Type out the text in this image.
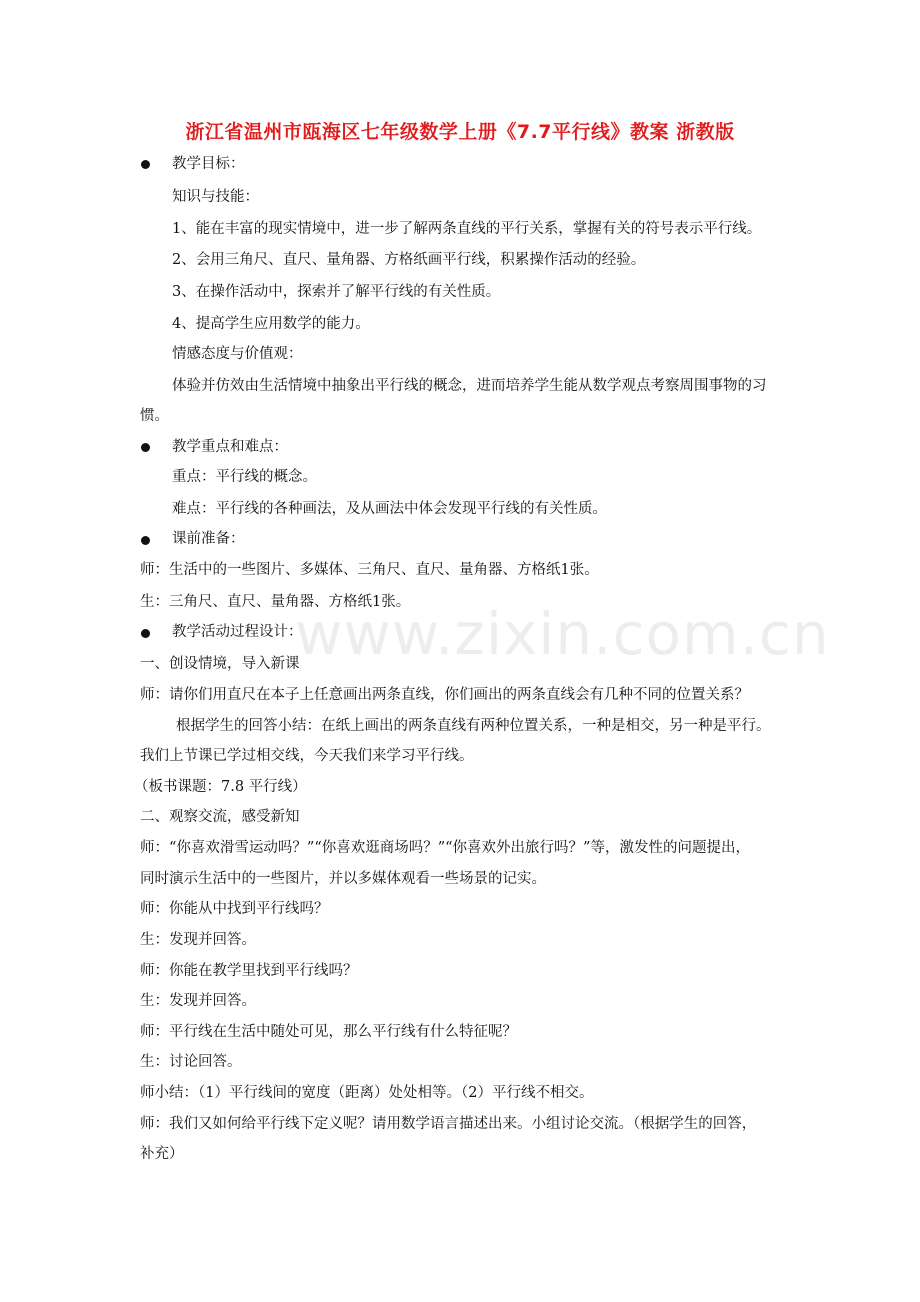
www.zixin.com.cn
浙江省温州市瓯海区七年级数学上册《7.7平行线》教案 浙教版
教学目标：
知识与技能：
1、能在丰富的现实情境中，进一步了解两条直线的平行关系，掌握有关的符号表示平行线。
2、会用三角尺、直尺、量角器、方格纸画平行线，积累操作活动的经验。
3、在操作活动中，探索并了解平行线的有关性质。
4、提高学生应用数学的能力。
情感态度与价值观：
体验并仿效由生活情境中抽象出平行线的概念，进而培养学生能从数学观点考察周围事物的习
惯。
教学重点和难点：
重点：平行线的概念。
难点：平行线的各种画法，及从画法中体会发现平行线的有关性质。
课前准备：
师：生活中的一些图片、多媒体、三角尺、直尺、量角器、方格纸1张。
生：三角尺、直尺、量角器、方格纸1张。
教学活动过程设计：
一、创设情境，导入新课
师：请你们用直尺在本子上任意画出两条直线，你们画出的两条直线会有几种不同的位置关系？
根据学生的回答小结：在纸上画出的两条直线有两种位置关系，一种是相交，另一种是平行。
我们上节课已学过相交线，今天我们来学习平行线。
（板书课题：7.8 平行线）
二、观察交流，感受新知
师：“你喜欢滑雪运动吗？”“你喜欢逛商场吗？”“你喜欢外出旅行吗？”等，激发性的问题提出，
同时演示生活中的一些图片，并以多媒体观看一些场景的记实。
师：你能从中找到平行线吗？
生：发现并回答。
师：你能在教学里找到平行线吗？
生：发现并回答。
师：平行线在生活中随处可见，那么平行线有什么特征呢？
生：讨论回答。
师小结：（1）平行线间的宽度（距离）处处相等。（2）平行线不相交。
师：我们又如何给平行线下定义呢？请用数学语言描述出来。小组讨论交流。（根据学生的回答，
补充）
